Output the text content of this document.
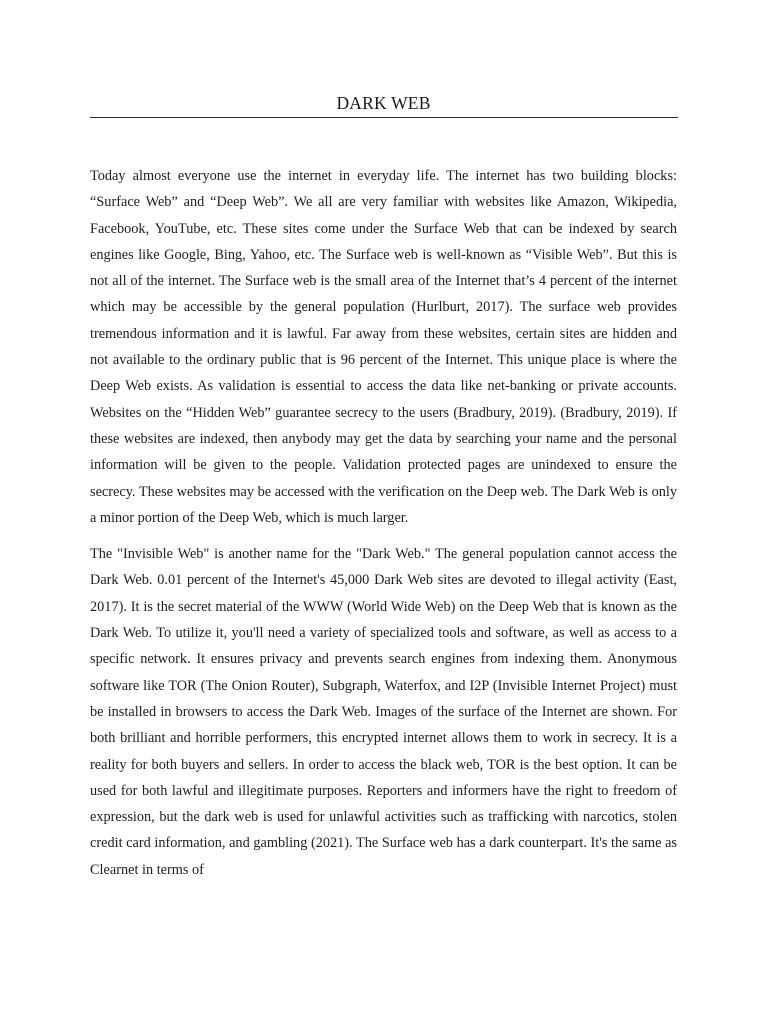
DARK WEB

Today almost everyone use the internet in everyday life. The internet has two building blocks: “Surface Web” and “Deep Web”. We all are very familiar with websites like Amazon, Wikipedia, Facebook, YouTube, etc. These sites come under the Surface Web that can be indexed by search engines like Google, Bing, Yahoo, etc. The Surface web is well-known as “Visible Web”. But this is not all of the internet. The Surface web is the small area of the Internet that’s 4 percent of the internet which may be accessible by the general population (Hurlburt, 2017). The surface web provides tremendous information and it is lawful. Far away from these websites, certain sites are hidden and not available to the ordinary public that is 96 percent of the Internet. This unique place is where the Deep Web exists. As validation is essential to access the data like net-banking or private accounts. Websites on the “Hidden Web” guarantee secrecy to the users (Bradbury, 2019). (Bradbury, 2019). If these websites are indexed, then anybody may get the data by searching your name and the personal information will be given to the people. Validation protected pages are unindexed to ensure the secrecy. These websites may be accessed with the verification on the Deep web. The Dark Web is only a minor portion of the Deep Web, which is much larger.

The "Invisible Web" is another name for the "Dark Web." The general population cannot access the Dark Web. 0.01 percent of the Internet's 45,000 Dark Web sites are devoted to illegal activity (East, 2017). It is the secret material of the WWW (World Wide Web) on the Deep Web that is known as the Dark Web. To utilize it, you'll need a variety of specialized tools and software, as well as access to a specific network. It ensures privacy and prevents search engines from indexing them. Anonymous software like TOR (The Onion Router), Subgraph, Waterfox, and I2P (Invisible Internet Project) must be installed in browsers to access the Dark Web. Images of the surface of the Internet are shown. For both brilliant and horrible performers, this encrypted internet allows them to work in secrecy. It is a reality for both buyers and sellers. In order to access the black web, TOR is the best option. It can be used for both lawful and illegitimate purposes. Reporters and informers have the right to freedom of expression, but the dark web is used for unlawful activities such as trafficking with narcotics, stolen credit card information, and gambling (2021). The Surface web has a dark counterpart. It's the same as Clearnet in terms of
